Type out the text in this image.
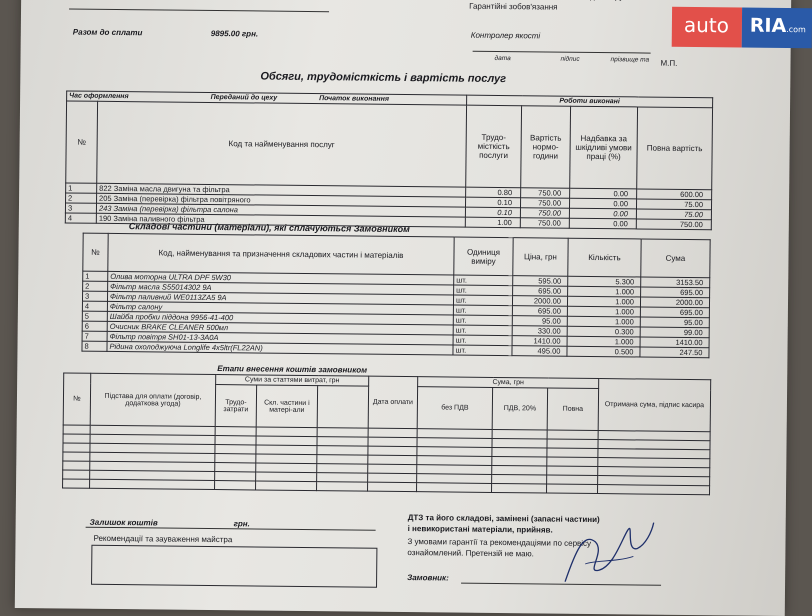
Разом до сплати	9895.00 грн.
Гарантійні зобов'язання
Контролер якості
дата	підпис	прізвище та М.П.
auto	RIA.com
Обсяги, трудомісткість і вартість послуг
Час оформлення Переданий до цеху Початок виконання		Роботи виконані			
№	Код та найменування послуг	Трудо-місткість послуги	Вартість нормо-години	Надбавка за шкідливі умови праці (%)	Повна вартість
1	822 Заміна масла двигуна та фільтра	0.80	750.00	0.00	600.00
2	205 Заміна (перевірка) фільтра повітряного	0.10	750.00	0.00	75.00
3	243 Заміна (перевірка) фільтра салона	0.10	750.00	0.00	75.00
4	190 Заміна паливного фільтра	1.00	750.00	0.00	750.00
Складові частини (матеріали), які сплачуються Замовником
№	Код, найменування та призначення складових частин і матеріалів	Одиниця виміру	Ціна, грн	Кількість	Сума
1	Олива моторна ULTRA DPF 5W30	шт.	595.00	5.300	3153.50
2	Фільтр масла S55014302 9A	шт.	695.00	1.000	695.00
3	Фільтр паливний WE0113ZA5 9A	шт.	2000.00	1.000	2000.00
4	Фільтр салону	шт.	695.00	1.000	695.00
5	Шайба пробки піддона 9956-41-400	шт.	95.00	1.000	95.00
6	Очисник BRAKE CLEANER 500мл	шт.	330.00	0.300	99.00
7	Фільтр повітря SH01-13-3A0A	шт.	1410.00	1.000	1410.00
8	Рідина охолоджуюча Longlife 4x5ltr(FL22AN)	шт.	495.00	0.500	247.50
Етапи внесення коштів замовником
№	Підстава для оплати (договір, додаткова угода)	Суми за статтями витрат, грн			Дата оплати	Сума, грн			Отримана сума, підпис касира
		Трудо-затрати	Скл. частини і матері-али			без ПДВ	ПДВ, 20%	Повна	

Залишок коштів	грн.
Рекомендації та зауваження майстра
ДТЗ та його складові, замінені (запасні частини)
і невикористані матеріали, прийняв.
З умовами гарантії та рекомендаціями по сервісу
ознайомлений. Претензій не маю.
Замовник:
